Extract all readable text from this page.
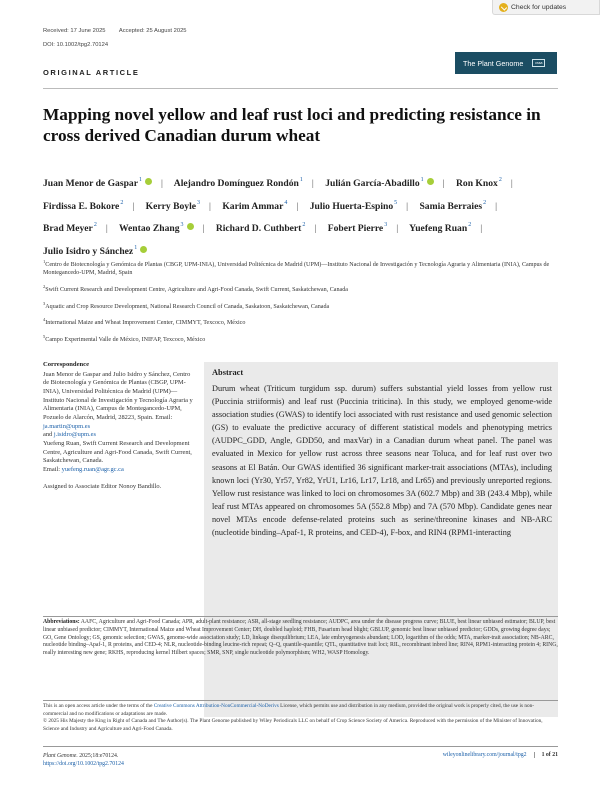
Check for updates
Received: 17 June 2025 Accepted: 25 August 2025
DOI: 10.1002/tpg2.70124
ORIGINAL ARTICLE
The Plant Genome	cssa
Mapping novel yellow and leaf rust loci and predicting resistance in cross derived Canadian durum wheat
Juan Menor de Gaspar$^1$ | Alejandro Domínguez Rondón$^1$ | Julián García-Abadillo$^1$ | Ron Knox$^2$ | Firdissa E. Bokore$^2$ | Kerry Boyle$^3$ | Karim Ammar$^4$ | Julio Huerta-Espino$^5$ | Samia Berraies$^2$ | Brad Meyer$^2$ | Wentao Zhang$^3$ | Richard D. Cuthbert$^2$ | Fobert Pierre$^3$ | Yuefeng Ruan$^2$ | Julio Isidro y Sánchez$^1$

$^1$Centro de Biotecnología y Genómica de Plantas (CBGP, UPM-INIA), Universidad Politécnica de Madrid (UPM)—Instituto Nacional de Investigación y Tecnología Agraria y Alimentaria (INIA), Campus de Montegancedo-UPM, Madrid, Spain

$^2$Swift Current Research and Development Centre, Agriculture and Agri-Food Canada, Swift Current, Saskatchewan, Canada

$^3$Aquatic and Crop Resource Development, National Research Council of Canada, Saskatoon, Saskatchewan, Canada

$^4$International Maize and Wheat Improvement Center, CIMMYT, Texcoco, México

$^5$Campo Experimental Valle de México, INIFAP, Texcoco, México

Correspondence
Juan Menor de Gaspar and Julio Isidro y Sánchez, Centro de Biotecnología y Genómica de Plantas (CBGP, UPM-INIA), Universidad Politécnica de Madrid (UPM)—Instituto Nacional de Investigación y Tecnología Agraria y Alimentaria (INIA), Campus de Montegancedo-UPM, Pozuelo de Alarcón, Madrid, 28223, Spain. Email: ja.martin@upm.es
and j.isidro@upm.es
Yuefeng Ruan, Swift Current Research and Development Centre, Agriculture and Agri-Food Canada, Swift Current, Saskatchewan, Canada.
Email: yuefeng.ruan@agr.gc.ca
Assigned to Associate Editor Nonoy Bandillo.
Abstract

Durum wheat (Triticum turgidum ssp. durum) suffers substantial yield losses from yellow rust (Puccinia striiformis) and leaf rust (Puccinia triticina). In this study, we employed genome-wide association studies (GWAS) to identify loci associated with rust resistance and used genomic selection (GS) to evaluate the predictive accuracy of different statistical models and phenotyping metrics (AUDPC_GDD, Angle, GDD50, and maxVar) in a Canadian durum wheat panel. The panel was evaluated in Mexico for yellow rust across three seasons near Toluca, and for leaf rust over two seasons at El Batán. Our GWAS identified 36 significant marker-trait associations (MTAs), including known loci (Yr30, Yr57, Yr82, YrU1, Lr16, Lr17, Lr18, and Lr65) and previously unreported regions. Yellow rust resistance was linked to loci on chromosomes 3A (602.7 Mbp) and 3B (243.4 Mbp), while leaf rust MTAs appeared on chromosomes 5A (552.8 Mbp) and 7A (570 Mbp). Candidate genes near novel MTAs encode defense-related proteins such as serine/threonine kinases and NB-ARC (nucleotide binding–Apaf-1, R proteins, and CED-4), F-box, and RIN4 (RPM1-interacting

Abbreviations: AAFC, Agriculture and Agri-Food Canada; APR, adult-plant resistance; ASR, all-stage seedling resistance; AUDPC, area under the disease progress curve; BLUE, best linear unbiased estimator; BLUP, best linear unbiased predictor; CIMMYT, International Maize and Wheat Improvement Center; DH, doubled haploid; FHB, Fusarium head blight; GBLUP, genomic best linear unbiased predictor; GDDs, growing degree days; GO, Gene Ontology; GS, genomic selection; GWAS, genome-wide association study; LD, linkage disequilibrium; LEA, late embryogenesis abundant; LOD, logarithm of the odds; MTA, marker-trait association; NB-ARC, nucleotide binding–Apaf-1, R proteins, and CED-4; NLR, nucleotide-binding leucine-rich repeat; Q–Q, quantile-quantile; QTL, quantitative trait loci; RIL, recombinant inbred line; RIN4, RPM1-interacting protein 4; RING, really interesting new gene; RKHS, reproducing kernel Hilbert spaces; SMR, SNP, single nucleotide polymorphism; WH2, WASP Homology.

This is an open access article under the terms of the Creative Commons Attribution-NonCommercial-NoDerivs License, which permits use and distribution in any medium, provided the original work is properly cited, the use is non-commercial and no modifications or adaptations are made.

© 2025 His Majesty the King in Right of Canada and The Author(s). The Plant Genome published by Wiley Periodicals LLC on behalf of Crop Science Society of America. Reproduced with the permission of the Minister of Innovation, Science and Industry and Agriculture and Agri-Food Canada.

Plant Genome. 2025;18:e70124.
https://doi.org/10.1002/tpg2.70124
wileyonlinelibrary.com/journal/tpg2	1 of 21
